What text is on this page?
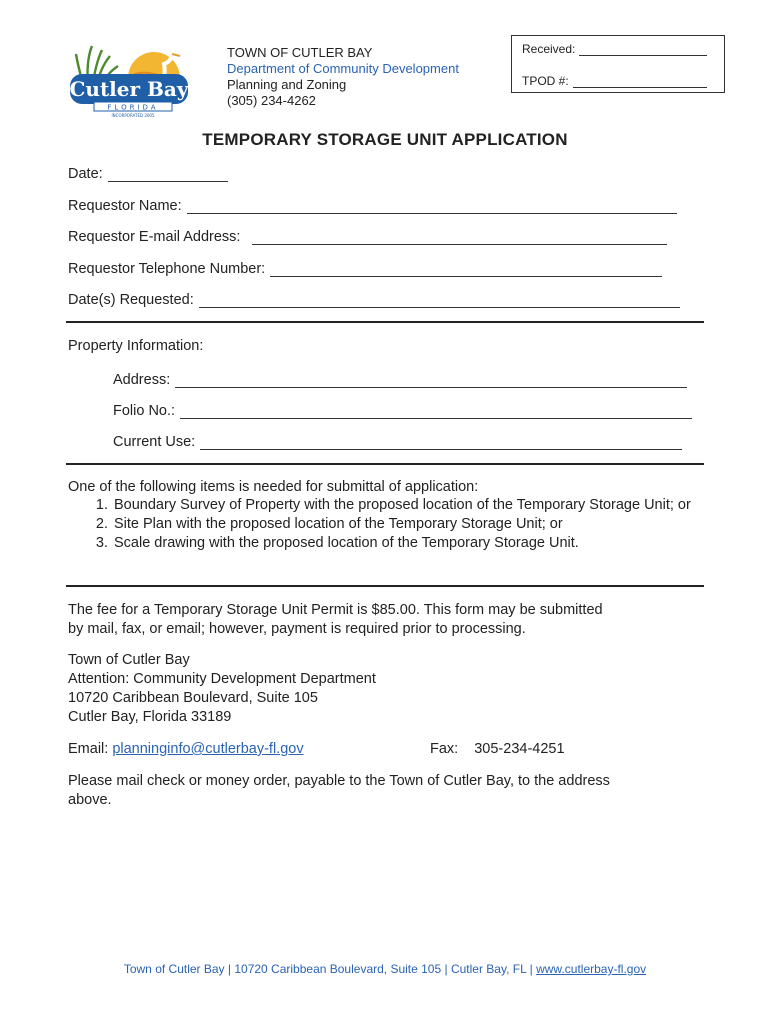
Cutler Bay
FLORIDA
INCORPORATED 2005
TOWN OF CUTLER BAY
Department of Community Development
Planning and Zoning
(305) 234-4262
Received:
TPOD #:
TEMPORARY STORAGE UNIT APPLICATION
Date:
Requestor Name:
Requestor E-mail Address:
Requestor Telephone Number:
Date(s) Requested:
Property Information:
Address:
Folio No.:
Current Use:
One of the following items is needed for submittal of application:
1. Boundary Survey of Property with the proposed location of the Temporary Storage Unit; or
2. Site Plan with the proposed location of the Temporary Storage Unit; or
3. Scale drawing with the proposed location of the Temporary Storage Unit.
The fee for a Temporary Storage Unit Permit is $85.00. This form may be submitted
by mail, fax, or email; however, payment is required prior to processing.
Town of Cutler Bay
Attention: Community Development Department
10720 Caribbean Boulevard, Suite 105
Cutler Bay, Florida 33189
Email: planninginfo@cutlerbay-fl.gov	Fax: 305-234-4251
Please mail check or money order, payable to the Town of Cutler Bay, to the address
above.
Town of Cutler Bay | 10720 Caribbean Boulevard, Suite 105 | Cutler Bay, FL | www.cutlerbay-fl.gov
